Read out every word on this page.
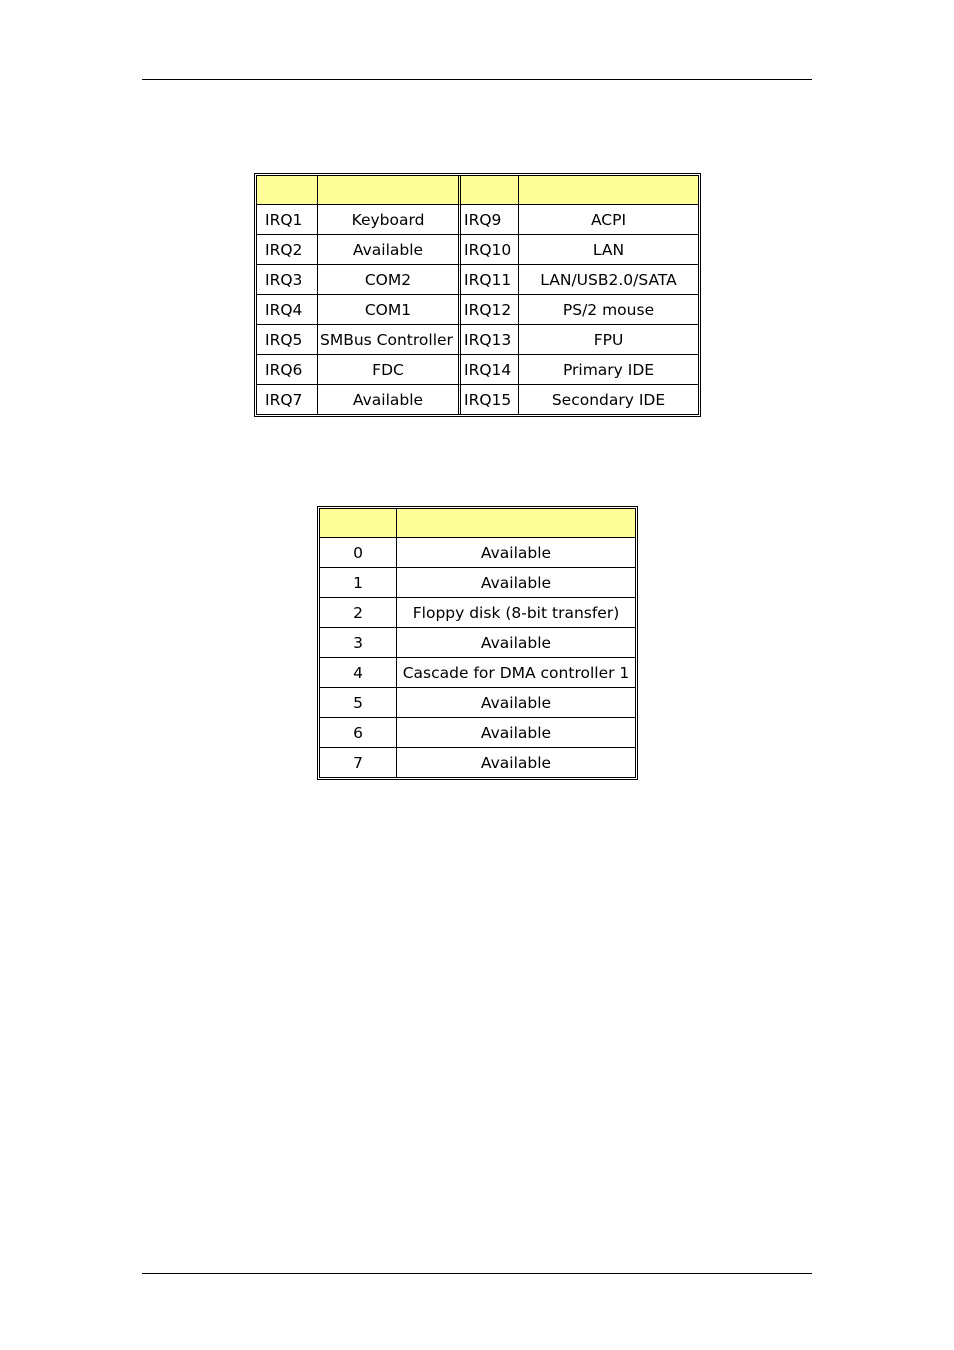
IRQ1	Keyboard	IRQ9	ACPI
IRQ2	Available	IRQ10	LAN
IRQ3	COM2	IRQ11	LAN/USB2.0/SATA
IRQ4	COM1	IRQ12	PS/2 mouse
IRQ5	SMBus Controller	IRQ13	FPU
IRQ6	FDC	IRQ14	Primary IDE
IRQ7	Available	IRQ15	Secondary IDE

0	Available
1	Available
2	Floppy disk (8-bit transfer)
3	Available
4	Cascade for DMA controller 1
5	Available
6	Available
7	Available
